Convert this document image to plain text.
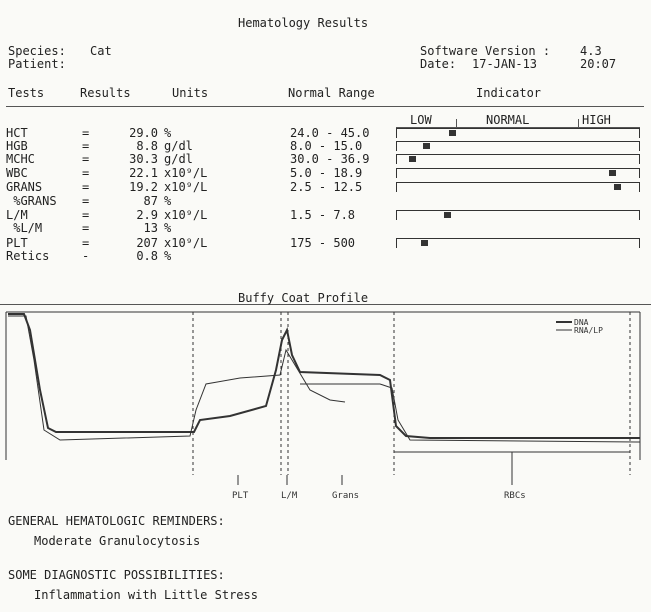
Hematology Results
Species: Cat
Patient:
Software Version : 4.3
Date: 17-JAN-13	20:07
Tests	Results	Units	Normal Range	Indicator
LOW	NORMAL	HIGH
HCT	=	29.0 %	24.0 - 45.0
HGB	=	8.8 g/dl	8.0 - 15.0
MCHC	=	30.3 g/dl	30.0 - 36.9
WBC	=	22.1 x10⁹/L	5.0 - 18.9
GRANS	=	19.2 x10⁹/L	2.5 - 12.5
%GRANS =	87 %
L/M	=	2.9 x10⁹/L	1.5 - 7.8
%L/M	=	13 %
PLT	=	207 x10⁹/L	175 - 500
Retics	-	0.8 %
Buffy Coat Profile
DNA
RNA/LP
PLT	L/M	Grans	RBCs
GENERAL HEMATOLOGIC REMINDERS:
Moderate Granulocytosis
SOME DIAGNOSTIC POSSIBILITIES:
Inflammation with Little Stress
